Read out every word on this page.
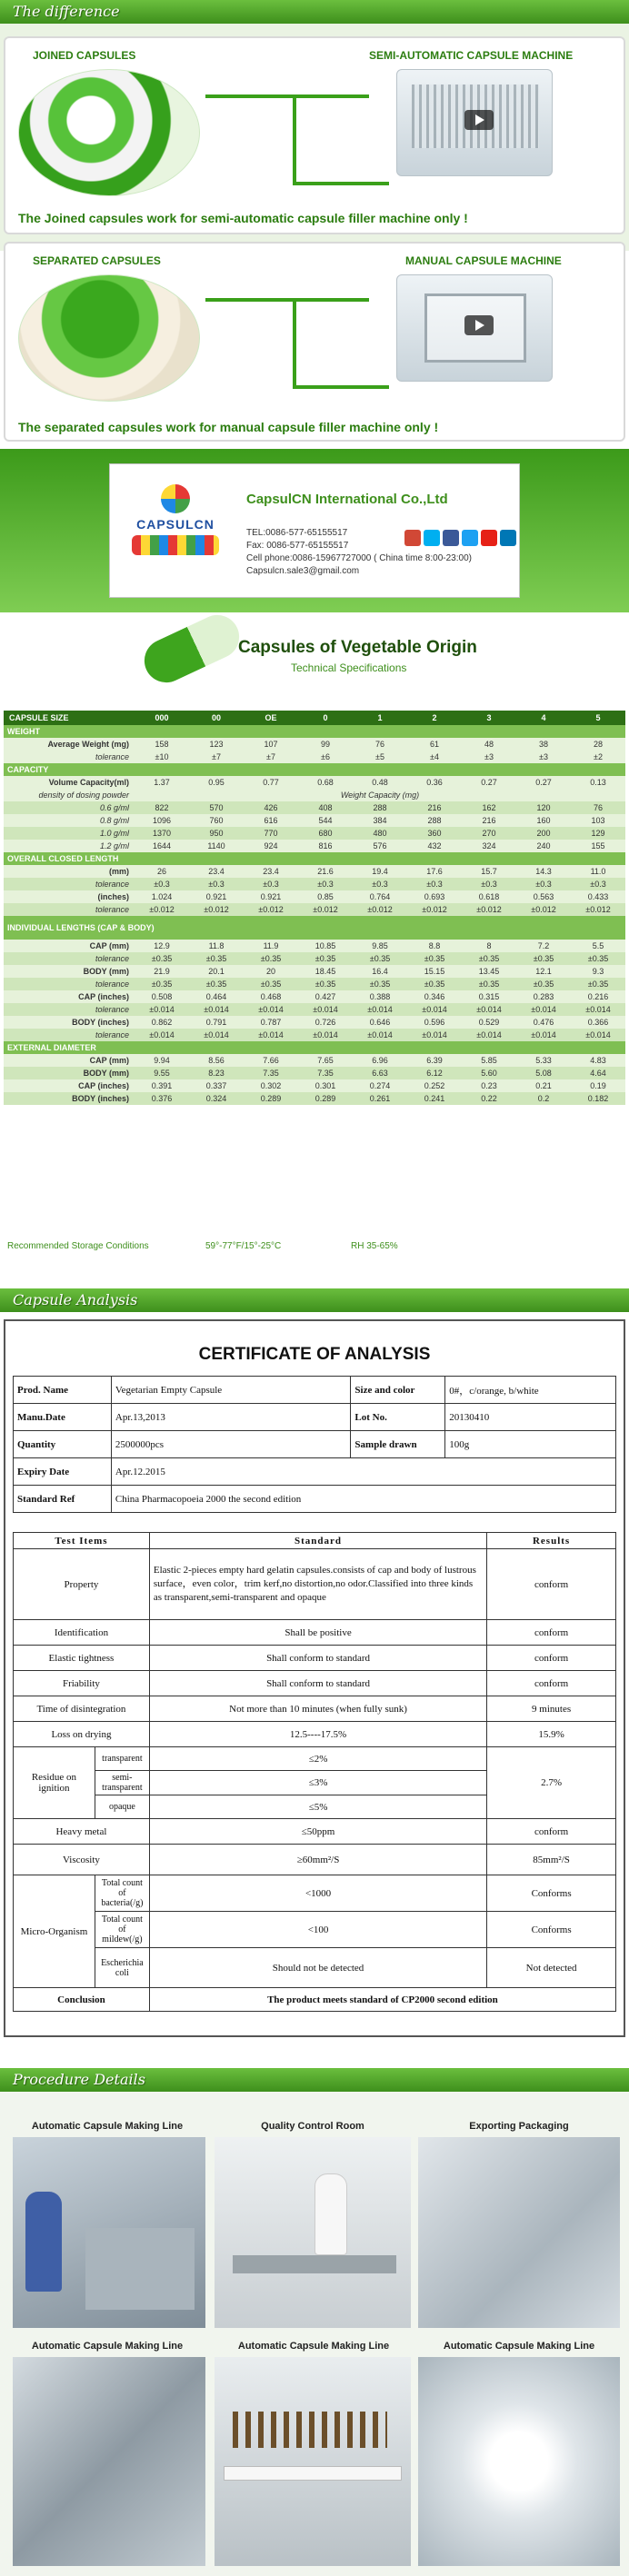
The difference
JOINED CAPSULES	SEMI-AUTOMATIC CAPSULE MACHINE
The Joined capsules work for semi-automatic capsule filler machine only !
SEPARATED CAPSULES	MANUAL CAPSULE MACHINE
The separated capsules work for manual capsule filler machine only !
CAPSULCN
CapsulCN International Co.,Ltd
TEL:0086-577-65155517
Fax: 0086-577-65155517
Cell phone:0086-15967727000 ( China time 8:00-23:00)
Capsulcn.sale3@gmail.com
Capsules of Vegetable Origin
Technical Specifications
CAPSULE SIZE	000	00	OE	0	1	2	3	4	5
WEIGHT									
Average Weight (mg)	158	123	107	99	76	61	48	38	28
tolerance	±10	±7	±7	±6	±5	±4	±3	±3	±2
CAPACITY									
Volume Capacity(ml)	1.37	0.95	0.77	0.68	0.48	0.36	0.27	0.27	0.13
density of dosing powder	Weight Capacity (mg)								
0.6 g/ml	822	570	426	408	288	216	162	120	76
0.8 g/ml	1096	760	616	544	384	288	216	160	103
1.0 g/ml	1370	950	770	680	480	360	270	200	129
1.2 g/ml	1644	1140	924	816	576	432	324	240	155
OVERALL CLOSED LENGTH									
(mm)	26	23.4	23.4	21.6	19.4	17.6	15.7	14.3	11.0
tolerance	±0.3	±0.3	±0.3	±0.3	±0.3	±0.3	±0.3	±0.3	±0.3
(inches)	1.024	0.921	0.921	0.85	0.764	0.693	0.618	0.563	0.433
tolerance	±0.012	±0.012	±0.012	±0.012	±0.012	±0.012	±0.012	±0.012	±0.012
INDIVIDUAL LENGTHS (CAP & BODY)									
CAP (mm)	12.9	11.8	11.9	10.85	9.85	8.8	8	7.2	5.5
tolerance	±0.35	±0.35	±0.35	±0.35	±0.35	±0.35	±0.35	±0.35	±0.35
BODY (mm)	21.9	20.1	20	18.45	16.4	15.15	13.45	12.1	9.3
tolerance	±0.35	±0.35	±0.35	±0.35	±0.35	±0.35	±0.35	±0.35	±0.35
CAP (inches)	0.508	0.464	0.468	0.427	0.388	0.346	0.315	0.283	0.216
tolerance	±0.014	±0.014	±0.014	±0.014	±0.014	±0.014	±0.014	±0.014	±0.014
BODY (inches)	0.862	0.791	0.787	0.726	0.646	0.596	0.529	0.476	0.366
tolerance	±0.014	±0.014	±0.014	±0.014	±0.014	±0.014	±0.014	±0.014	±0.014
EXTERNAL DIAMETER									
CAP (mm)	9.94	8.56	7.66	7.65	6.96	6.39	5.85	5.33	4.83
BODY (mm)	9.55	8.23	7.35	7.35	6.63	6.12	5.60	5.08	4.64
CAP (inches)	0.391	0.337	0.302	0.301	0.274	0.252	0.23	0.21	0.19
BODY (inches)	0.376	0.324	0.289	0.289	0.261	0.241	0.22	0.2	0.182
Recommended Storage Conditions	59°-77°F/15°-25°C	RH 35-65%
Capsule Analysis
CERTIFICATE OF ANALYSIS
Prod. Name	Vegetarian Empty Capsule	Size and color	0#，c/orange, b/white
Manu.Date	Apr.13,2013	Lot No.	20130410
Quantity	2500000pcs	Sample drawn	100g
Expiry Date	Apr.12.2015		
Standard Ref	China Pharmacopoeia 2000 the second edition		
Test Items		Standard	Results
Property		Elastic 2-pieces empty hard gelatin capsules.consists of cap and body of lustrous surface，even color，trim kerf,no distortion,no odor.Classified into three kinds as transparent,semi-transparent and opaque	conform
Identification		Shall be positive	conform
Elastic tightness		Shall conform to standard	conform
Friability		Shall conform to standard	conform
Time of disintegration		Not more than 10 minutes (when fully sunk)	9 minutes
Loss on drying		12.5----17.5%	15.9%
Residue on ignition	transparent	≤2%	2.7%
	semi-transparent	≤3%	
	opaque	≤5%	
Heavy metal		≤50ppm	conform
Viscosity		≥60mm²/S	85mm²/S
Micro-Organism	Total count of bacteria(/g)	<1000	Conforms
	Total count of mildew(/g)	<100	Conforms
	Escherichia coli	Should not be detected	Not detected
Conclusion		The product meets standard of CP2000 second edition	
Procedure Details
Automatic Capsule Making Line	Quality Control Room	Exporting Packaging
Automatic Capsule Making Line	Automatic Capsule Making Line	Automatic Capsule Making Line
